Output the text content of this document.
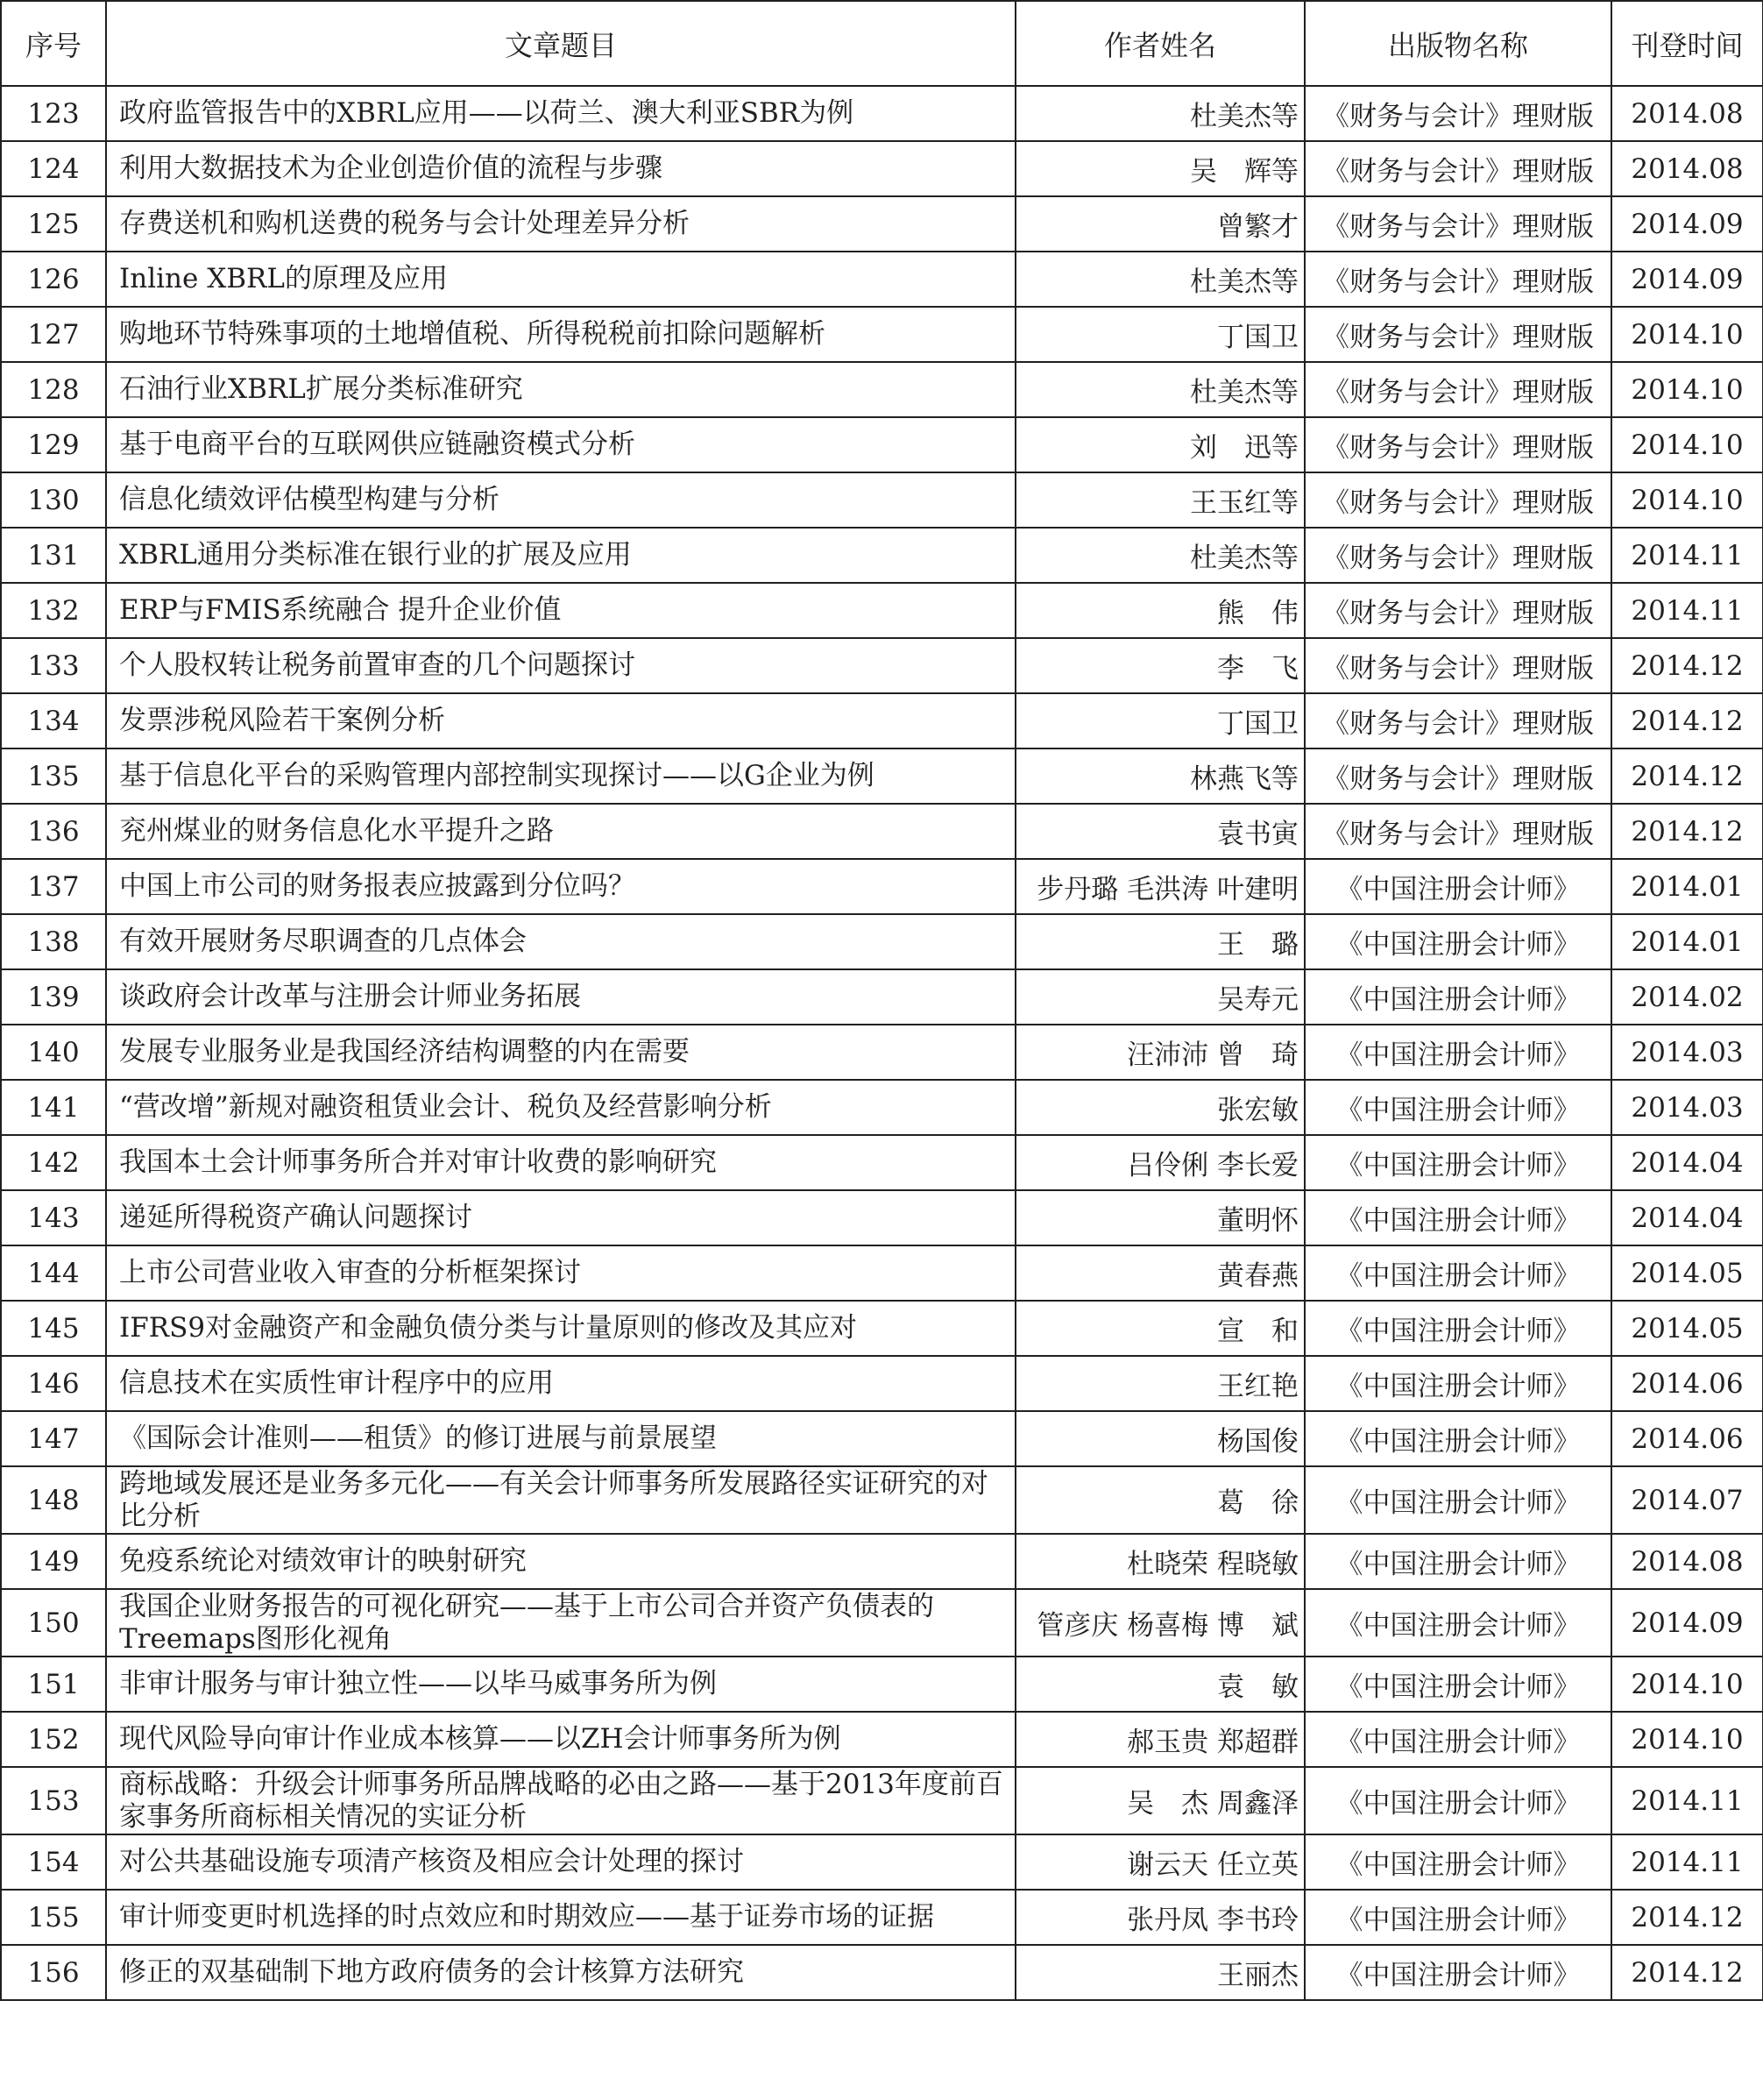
序号	文章题目	作者姓名	出版物名称	刊登时间
123	政府监管报告中的XBRL应用——以荷兰、澳大利亚SBR为例	杜美杰等	《财务与会计》理财版	2014.08
124	利用大数据技术为企业创造价值的流程与步骤	吴　辉等	《财务与会计》理财版	2014.08
125	存费送机和购机送费的税务与会计处理差异分析	曾繁才	《财务与会计》理财版	2014.09
126	Inline XBRL的原理及应用	杜美杰等	《财务与会计》理财版	2014.09
127	购地环节特殊事项的土地增值税、所得税税前扣除问题解析	丁国卫	《财务与会计》理财版	2014.10
128	石油行业XBRL扩展分类标准研究	杜美杰等	《财务与会计》理财版	2014.10
129	基于电商平台的互联网供应链融资模式分析	刘　迅等	《财务与会计》理财版	2014.10
130	信息化绩效评估模型构建与分析	王玉红等	《财务与会计》理财版	2014.10
131	XBRL通用分类标准在银行业的扩展及应用	杜美杰等	《财务与会计》理财版	2014.11
132	ERP与FMIS系统融合 提升企业价值	熊　伟	《财务与会计》理财版	2014.11
133	个人股权转让税务前置审查的几个问题探讨	李　飞	《财务与会计》理财版	2014.12
134	发票涉税风险若干案例分析	丁国卫	《财务与会计》理财版	2014.12
135	基于信息化平台的采购管理内部控制实现探讨——以G企业为例	林燕飞等	《财务与会计》理财版	2014.12
136	兖州煤业的财务信息化水平提升之路	袁书寅	《财务与会计》理财版	2014.12
137	中国上市公司的财务报表应披露到分位吗？	步丹璐 毛洪涛 叶建明	《中国注册会计师》	2014.01
138	有效开展财务尽职调查的几点体会	王　璐	《中国注册会计师》	2014.01
139	谈政府会计改革与注册会计师业务拓展	吴寿元	《中国注册会计师》	2014.02
140	发展专业服务业是我国经济结构调整的内在需要	汪沛沛 曾　琦	《中国注册会计师》	2014.03
141	“营改增”新规对融资租赁业会计、税负及经营影响分析	张宏敏	《中国注册会计师》	2014.03
142	我国本土会计师事务所合并对审计收费的影响研究	吕伶俐 李长爱	《中国注册会计师》	2014.04
143	递延所得税资产确认问题探讨	董明怀	《中国注册会计师》	2014.04
144	上市公司营业收入审查的分析框架探讨	黄春燕	《中国注册会计师》	2014.05
145	IFRS9对金融资产和金融负债分类与计量原则的修改及其应对	宣　和	《中国注册会计师》	2014.05
146	信息技术在实质性审计程序中的应用	王红艳	《中国注册会计师》	2014.06
147	《国际会计准则——租赁》的修订进展与前景展望	杨国俊	《中国注册会计师》	2014.06
148	跨地域发展还是业务多元化——有关会计师事务所发展路径实证研究的对比分析	葛　徐	《中国注册会计师》	2014.07
149	免疫系统论对绩效审计的映射研究	杜晓荣 程晓敏	《中国注册会计师》	2014.08
150	我国企业财务报告的可视化研究——基于上市公司合并资产负债表的Treemaps图形化视角	管彦庆 杨喜梅 博　斌	《中国注册会计师》	2014.09
151	非审计服务与审计独立性——以毕马威事务所为例	袁　敏	《中国注册会计师》	2014.10
152	现代风险导向审计作业成本核算——以ZH会计师事务所为例	郝玉贵 郑超群	《中国注册会计师》	2014.10
153	商标战略：升级会计师事务所品牌战略的必由之路——基于2013年度前百家事务所商标相关情况的实证分析	吴　杰 周鑫泽	《中国注册会计师》	2014.11
154	对公共基础设施专项清产核资及相应会计处理的探讨	谢云天 任立英	《中国注册会计师》	2014.11
155	审计师变更时机选择的时点效应和时期效应——基于证券市场的证据	张丹凤 李书玲	《中国注册会计师》	2014.12
156	修正的双基础制下地方政府债务的会计核算方法研究	王丽杰	《中国注册会计师》	2014.12
